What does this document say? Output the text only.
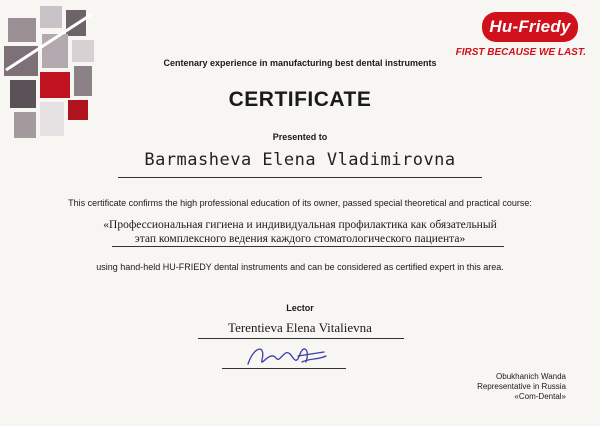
Hu-Friedy
FIRST BECAUSE WE LAST.
Centenary experience in manufacturing best dental instruments
CERTIFICATE
Presented to
Barmasheva Elena Vladimirovna
This certificate confirms the high professional education of its owner, passed special theoretical and practical course:
«Профессиональная гигиена и индивидуальная профилактика как обязательный
этап комплексного ведения каждого стоматологического пациента»
using hand-held HU-FRIEDY dental instruments and can be considered as certified expert in this area.
Lector
Terentieva Elena Vitalievna
Obukhanich Wanda
Representative in Russia
«Com-Dental»
